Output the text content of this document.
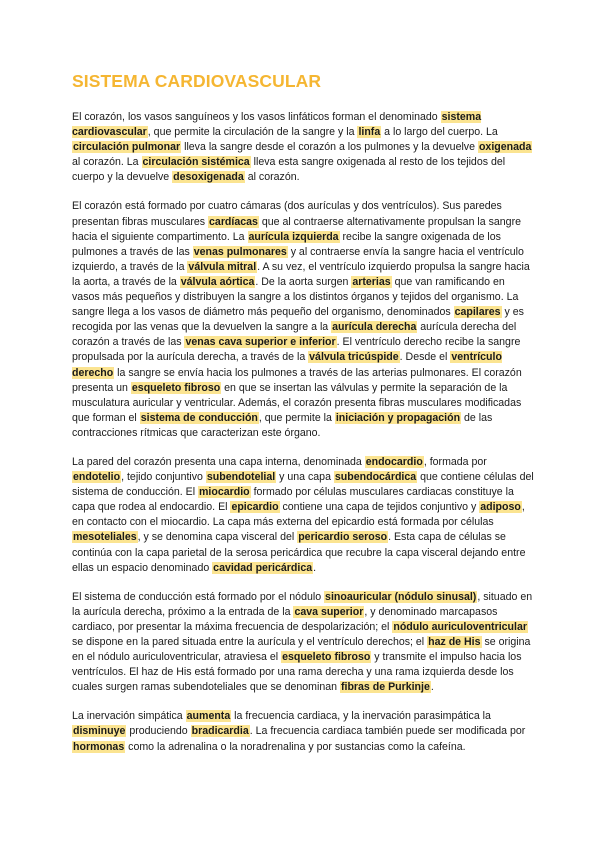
SISTEMA CARDIOVASCULAR

El corazón, los vasos sanguíneos y los vasos linfáticos forman el denominado sistema cardiovascular, que permite la circulación de la sangre y la linfa a lo largo del cuerpo. La circulación pulmonar lleva la sangre desde el corazón a los pulmones y la devuelve oxigenada al corazón. La circulación sistémica lleva esta sangre oxigenada al resto de los tejidos del cuerpo y la devuelve desoxigenada al corazón.

El corazón está formado por cuatro cámaras (dos aurículas y dos ventrículos). Sus paredes presentan fibras musculares cardíacas que al contraerse alternativamente propulsan la sangre hacia el siguiente compartimento. La aurícula izquierda recibe la sangre oxigenada de los pulmones a través de las venas pulmonares y al contraerse envía la sangre hacia el ventrículo izquierdo, a través de la válvula mitral. A su vez, el ventrículo izquierdo propulsa la sangre hacia la aorta, a través de la válvula aórtica. De la aorta surgen arterias que van ramificando en vasos más pequeños y distribuyen la sangre a los distintos órganos y tejidos del organismo. La sangre llega a los vasos de diámetro más pequeño del organismo, denominados capilares y es recogida por las venas que la devuelven la sangre a la aurícula derecha aurícula derecha del corazón a través de las venas cava superior e inferior. El ventrículo derecho recibe la sangre propulsada por la aurícula derecha, a través de la válvula tricúspide. Desde el ventrículo derecho la sangre se envía hacia los pulmones a través de las arterias pulmonares. El corazón presenta un esqueleto fibroso en que se insertan las válvulas y permite la separación de la musculatura auricular y ventricular. Además, el corazón presenta fibras musculares modificadas que forman el sistema de conducción, que permite la iniciación y propagación de las contracciones rítmicas que caracterizan este órgano.

La pared del corazón presenta una capa interna, denominada endocardio, formada por endotelio, tejido conjuntivo subendotelial y una capa subendocárdica que contiene células del sistema de conducción. El miocardio formado por células musculares cardiacas constituye la capa que rodea al endocardio. El epicardio contiene una capa de tejidos conjuntivo y adiposo, en contacto con el miocardio. La capa más externa del epicardio está formada por células mesoteliales, y se denomina capa visceral del pericardio seroso. Esta capa de células se continúa con la capa parietal de la serosa pericárdica que recubre la capa visceral dejando entre ellas un espacio denominado cavidad pericárdica.

El sistema de conducción está formado por el nódulo sinoauricular (nódulo sinusal), situado en la aurícula derecha, próximo a la entrada de la cava superior, y denominado marcapasos cardiaco, por presentar la máxima frecuencia de despolarización; el nódulo auriculoventricular se dispone en la pared situada entre la aurícula y el ventrículo derechos; el haz de His se origina en el nódulo auriculoventricular, atraviesa el esqueleto fibroso y transmite el impulso hacia los ventrículos. El haz de His está formado por una rama derecha y una rama izquierda desde los cuales surgen ramas subendoteliales que se denominan fibras de Purkinje.

La inervación simpática aumenta la frecuencia cardiaca, y la inervación parasimpática la disminuye produciendo bradicardia. La frecuencia cardiaca también puede ser modificada por hormonas como la adrenalina o la noradrenalina y por sustancias como la cafeína.
